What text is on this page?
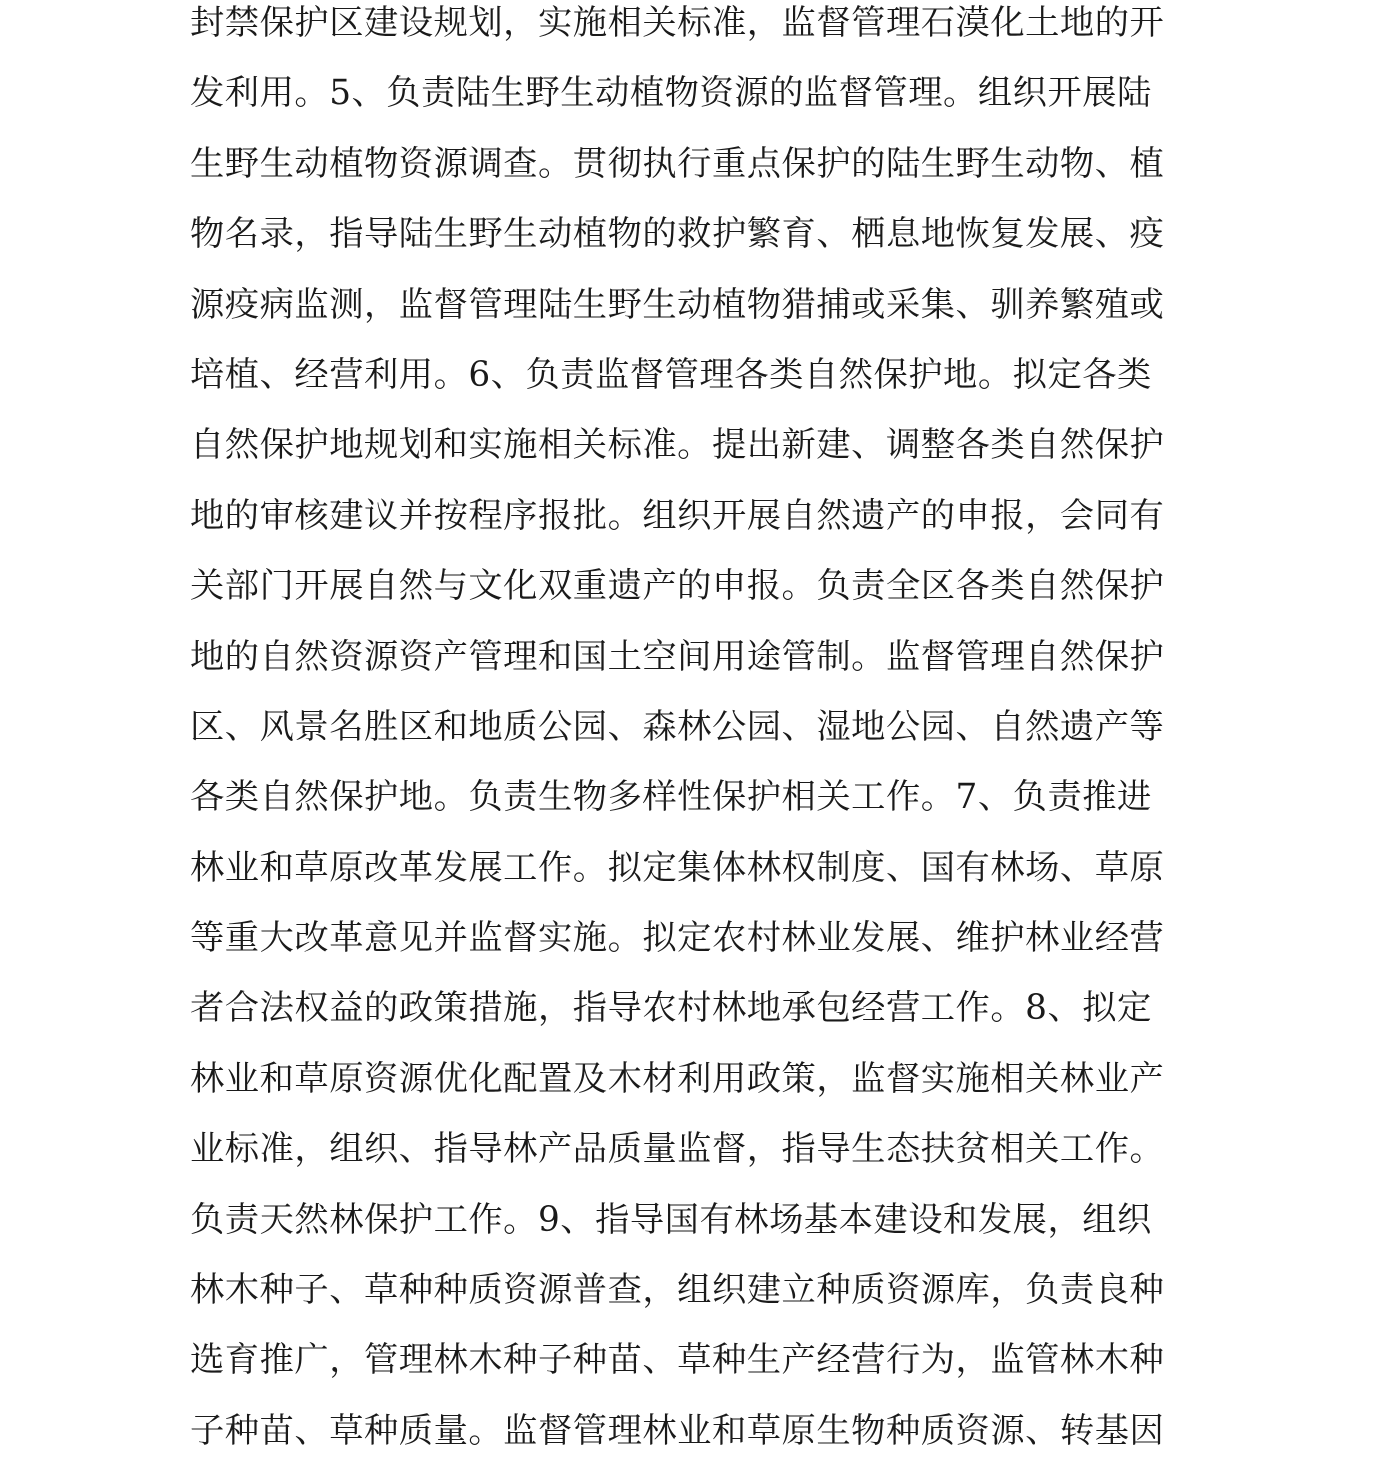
封禁保护区建设规划，实施相关标准，监督管理石漠化土地的开
发利用。5、负责陆生野生动植物资源的监督管理。组织开展陆
生野生动植物资源调查。贯彻执行重点保护的陆生野生动物、植
物名录，指导陆生野生动植物的救护繁育、栖息地恢复发展、疫
源疫病监测，监督管理陆生野生动植物猎捕或采集、驯养繁殖或
培植、经营利用。6、负责监督管理各类自然保护地。拟定各类
自然保护地规划和实施相关标准。提出新建、调整各类自然保护
地的审核建议并按程序报批。组织开展自然遗产的申报，会同有
关部门开展自然与文化双重遗产的申报。负责全区各类自然保护
地的自然资源资产管理和国土空间用途管制。监督管理自然保护
区、风景名胜区和地质公园、森林公园、湿地公园、自然遗产等
各类自然保护地。负责生物多样性保护相关工作。7、负责推进
林业和草原改革发展工作。拟定集体林权制度、国有林场、草原
等重大改革意见并监督实施。拟定农村林业发展、维护林业经营
者合法权益的政策措施，指导农村林地承包经营工作。8、拟定
林业和草原资源优化配置及木材利用政策，监督实施相关林业产
业标准，组织、指导林产品质量监督，指导生态扶贫相关工作。
负责天然林保护工作。9、指导国有林场基本建设和发展，组织
林木种子、草种种质资源普查，组织建立种质资源库，负责良种
选育推广，管理林木种子种苗、草种生产经营行为，监管林木种
子种苗、草种质量。监督管理林业和草原生物种质资源、转基因
